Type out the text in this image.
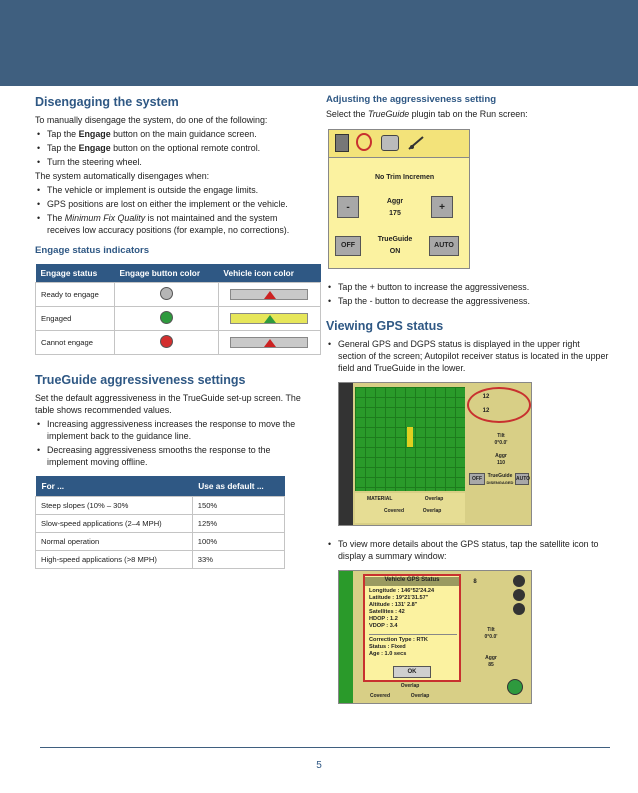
Disengaging the system

To manually disengage the system, do one of the following:

• Tap the Engage button on the main guidance screen.
• Tap the Engage button on the optional remote control.
• Turn the steering wheel.

The system automatically disengages when:

• The vehicle or implement is outside the engage limits.
• GPS positions are lost on either the implement or the vehicle.
• The Minimum Fix Quality is not maintained and the system receives low accuracy positions (for example, no corrections).
Engage status indicators
Engage status	Engage button color	Vehicle icon color
Ready to engage		

Engaged		

Cannot engage		
TrueGuide aggressiveness settings

Set the default aggressiveness in the TrueGuide set-up screen. The table shows recommended values.

• Increasing aggressiveness increases the response to move the implement back to the guidance line.
• Decreasing aggressiveness smooths the response to the implement moving offline.
For ...	Use as default ...
Steep slopes (10% – 30%	150%
Slow-speed applications (2–4 MPH)	125%
Normal operation	100%
High-speed applications (>8 MPH)	33%
Adjusting the aggressiveness setting

Select the TrueGuide plugin tab on the Run screen:

No Trim Incremen
-
Aggr
175
+
OFF
TrueGuide
ON
AUTO
• Tap the + button to increase the aggressiveness.
• Tap the - button to decrease the aggressiveness.
Viewing GPS status
• General GPS and DGPS status is displayed in the upper right section of the screen; Autopilot receiver status is located in the upper field and TrueGuide in the lower.
12
12
Tilt
0°0.0'
Aggr
110
OFF	TrueGuide
DISENGAGED
AUTO
MATERIAL	Overlap
Covered	Overlap
• To view more details about the GPS status, tap the satellite icon to display a summary window:
Vehicle GPS Status
Longitude : 146°52'24.24
Latitude : 19°21'31.57"
Altitude : 131' 2.8"
Satellites : 42
HDOP : 1.2
VDOP : 3.4
Correction Type : RTK
Status : Fixed
Age : 1.0 secs
OK
8
Tilt
0°0.0'
Aggr
85
Overlap
Covered	Overlap
5
